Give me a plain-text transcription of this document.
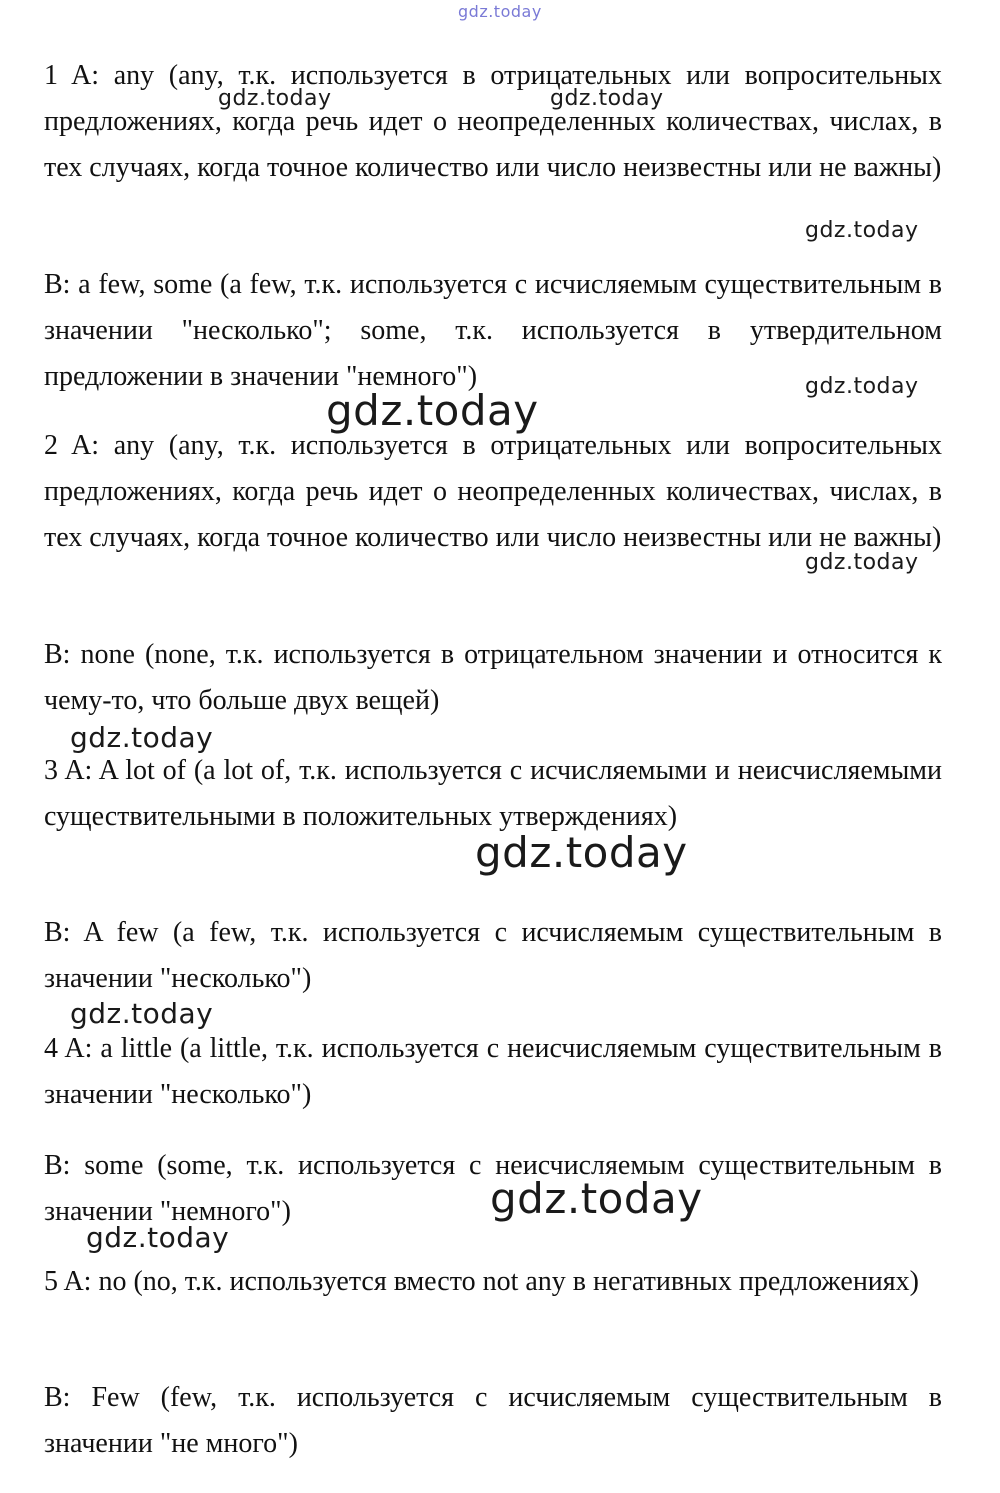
1 A: any (any, т.к. используется в отрицательных или вопросительных предложениях, когда речь идет о неопределенных количествах, числах, в тех случаях, когда точное количество или число неизвестны или не важны)

B: a few, some (a few, т.к. используется с исчисляемым существительным в значении "несколько"; some, т.к. используется в утвердительном предложении в значении "немного")

2 A: any (any, т.к. используется в отрицательных или вопросительных предложениях, когда речь идет о неопределенных количествах, числах, в тех случаях, когда точное количество или число неизвестны или не важны)

B: none (none, т.к. используется в отрицательном значении и относится к чему-то, что больше двух вещей)

3 A: A lot of (a lot of, т.к. используется с исчисляемыми и неисчисляемыми существительными в положительных утверждениях)

B: A few (a few, т.к. используется с исчисляемым существительным в значении "несколько")

4 A: a little (a little, т.к. используется с неисчисляемым существительным в значении "несколько")

B: some (some, т.к. используется с неисчисляемым существительным в значении "немного")

5 A: no (no, т.к. используется вместо not any в негативных предложениях)

B: Few (few, т.к. используется с исчисляемым существительным в значении "не много")

gdz.today
gdz.today	gdz.today
gdz.today
gdz.today
gdz.today
gdz.today
gdz.today
gdz.today
gdz.today
gdz.today
gdz.today
